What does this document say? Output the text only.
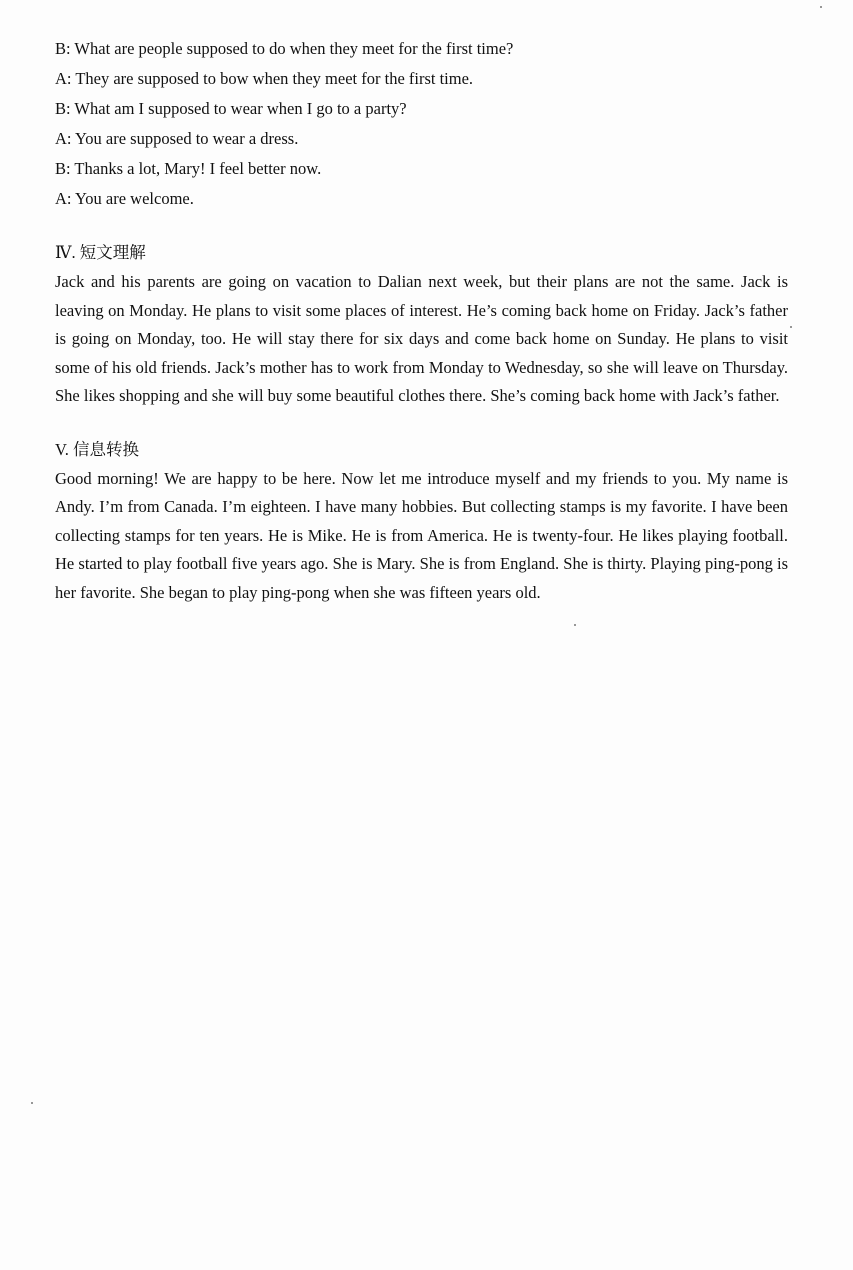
B: What are people supposed to do when they meet for the first time?
A: They are supposed to bow when they meet for the first time.
B: What am I supposed to wear when I go to a party?
A: You are supposed to wear a dress.
B: Thanks a lot, Mary! I feel better now.
A: You are welcome.
Ⅳ. 短文理解

Jack and his parents are going on vacation to Dalian next week, but their plans are not the same. Jack is leaving on Monday. He plans to visit some places of interest. He’s coming back home on Friday. Jack’s father is going on Monday, too. He will stay there for six days and come back home on Sunday. He plans to visit some of his old friends. Jack’s mother has to work from Monday to Wednesday, so she will leave on Thursday. She likes shopping and she will buy some beautiful clothes there. She’s coming back home with Jack’s father.

V. 信息转换

Good morning! We are happy to be here. Now let me introduce myself and my friends to you. My name is Andy. I’m from Canada. I’m eighteen. I have many hobbies. But collecting stamps is my favorite. I have been collecting stamps for ten years. He is Mike. He is from America. He is twenty-four. He likes playing football. He started to play football five years ago. She is Mary. She is from England. She is thirty. Playing ping-pong is her favorite. She began to play ping-pong when she was fifteen years old.
